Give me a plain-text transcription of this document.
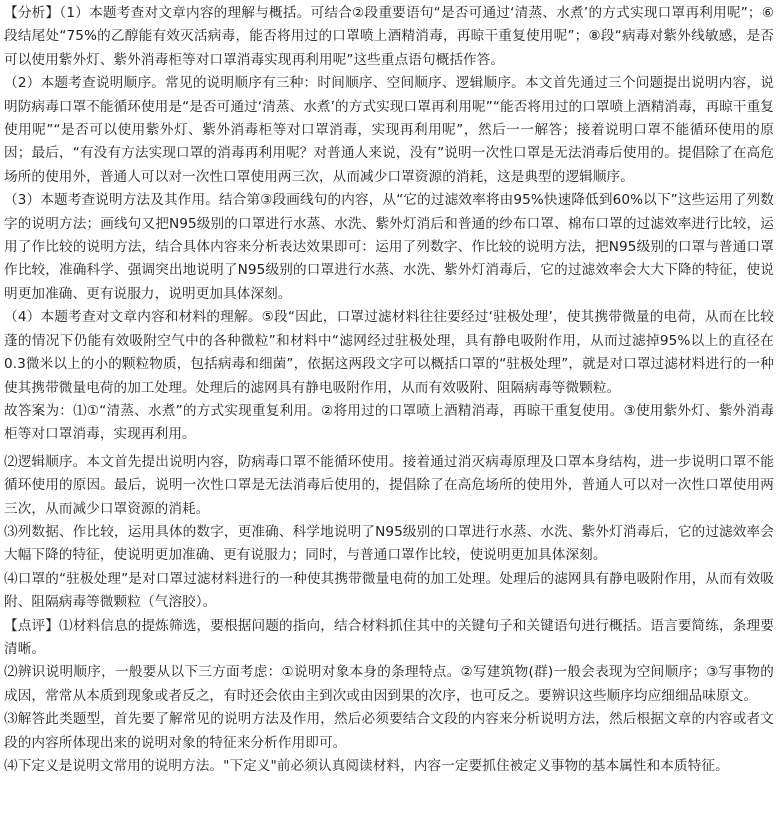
【分析】（1）本题考查对文章内容的理解与概括。可结合②段重要语句“是否可通过‘清蒸、水煮’的方式实现口罩再利用呢”；⑥段结尾处“75%的乙醇能有效灭活病毒，能否将用过的口罩喷上酒精消毒，再晾干重复使用呢”；⑧段“病毒对紫外线敏感，是否可以使用紫外灯、紫外消毒柜等对口罩消毒实现再利用呢”这些重点语句概括作答。

（2）本题考查说明顺序。常见的说明顺序有三种：时间顺序、空间顺序、逻辑顺序。本文首先通过三个问题提出说明内容，说明防病毒口罩不能循环使用是“是否可通过‘清蒸、水煮’的方式实现口罩再利用呢”“能否将用过的口罩喷上酒精消毒，再晾干重复使用呢”“是否可以使用紫外灯、紫外消毒柜等对口罩消毒，实现再利用呢”，然后一一解答；接着说明口罩不能循环使用的原因；最后，“有没有方法实现口罩的消毒再利用呢？对普通人来说，没有”说明一次性口罩是无法消毒后使用的。提倡除了在高危场所的使用外，普通人可以对一次性口罩使用两三次，从而减少口罩资源的消耗，这是典型的逻辑顺序。

（3）本题考查说明方法及其作用。结合第③段画线句的内容，从“它的过滤效率将由95%快速降低到60%以下”这些运用了列数字的说明方法；画线句又把N95级别的口罩进行水蒸、水洗、紫外灯消后和普通的纱布口罩、棉布口罩的过滤效率进行比较，运用了作比较的说明方法，结合具体内容来分析表达效果即可：运用了列数字、作比较的说明方法，把N95级别的口罩与普通口罩作比较，准确科学、强调突出地说明了N95级别的口罩进行水蒸、水洗、紫外灯消毒后，它的过滤效率会大大下降的特征，使说明更加准确、更有说服力，说明更加具体深刻。

（4）本题考查对文章内容和材料的理解。⑤段“因此，口罩过滤材料往往要经过‘驻极处理’，使其携带微量的电荷，从而在比较蓬的情况下仍能有效吸附空气中的各种微粒”和材料中“滤网经过驻极处理，具有静电吸附作用，从而过滤掉95%以上的直径在0.3微米以上的小的颗粒物质，包括病毒和细菌”，依据这两段文字可以概括口罩的“驻极处理”，就是对口罩过滤材料进行的一种使其携带微量电荷的加工处理。处理后的滤网具有静电吸附作用，从而有效吸附、阻隔病毒等微颗粒。

故答案为：⑴①“清蒸、水煮”的方式实现重复利用。②将用过的口罩喷上酒精消毒，再晾干重复使用。③使用紫外灯、紫外消毒柜等对口罩消毒，实现再利用。

⑵逻辑顺序。本文首先提出说明内容，防病毒口罩不能循环使用。接着通过消灭病毒原理及口罩本身结构，进一步说明口罩不能循环使用的原因。最后，说明一次性口罩是无法消毒后使用的，提倡除了在高危场所的使用外，普通人可以对一次性口罩使用两三次，从而减少口罩资源的消耗。

⑶列数据、作比较，运用具体的数字，更准确、科学地说明了N95级别的口罩进行水蒸、水洗、紫外灯消毒后，它的过滤效率会大幅下降的特征，使说明更加准确、更有说服力；同时，与普通口罩作比较，使说明更加具体深刻。

⑷口罩的“驻极处理”是对口罩过滤材料进行的一种使其携带微量电荷的加工处理。处理后的滤网具有静电吸附作用，从而有效吸附、阻隔病毒等微颗粒（气溶胶）。

【点评】⑴材料信息的提炼筛选，要根据问题的指向，结合材料抓住其中的关键句子和关键语句进行概括。语言要简练，条理要清晰。

⑵辨识说明顺序，一般要从以下三方面考虑：①说明对象本身的条理特点。②写建筑物(群)一般会表现为空间顺序；③写事物的成因，常常从本质到现象或者反之，有时还会依由主到次或由因到果的次序，也可反之。要辨识这些顺序均应细细品味原文。

⑶解答此类题型，首先要了解常见的说明方法及作用，然后必须要结合文段的内容来分析说明方法，然后根据文章的内容或者文段的内容所体现出来的说明对象的特征来分析作用即可。

⑷下定义是说明文常用的说明方法。"下定义"前必须认真阅读材料，内容一定要抓住被定义事物的基本属性和本质特征。
